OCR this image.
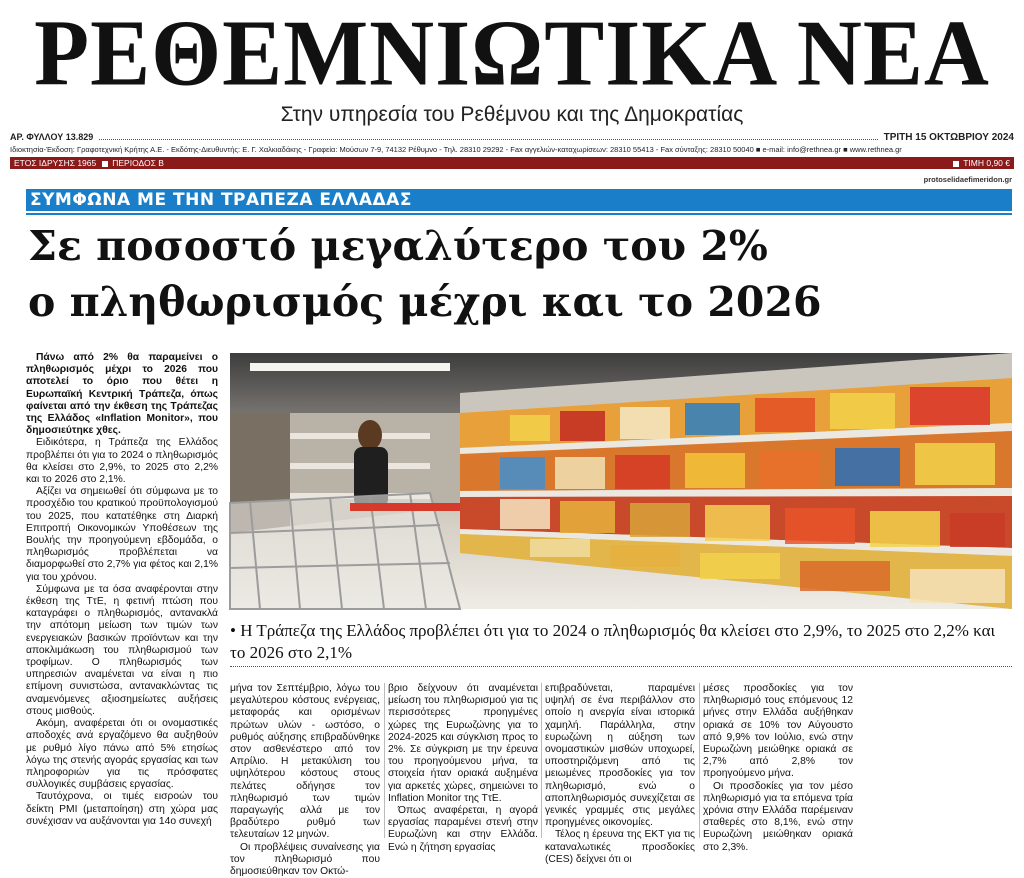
ΡΕΘΕΜΝΙΩΤΙΚΑ ΝΕΑ
Στην υπηρεσία του Ρεθέμνου και της Δημοκρατίας
ΑΡ. ΦΥΛΛΟΥ 13.829	ΤΡΙΤΗ 15 ΟΚΤΩΒΡΙΟΥ 2024
Ιδιοκτησία-Έκδοση: Γραφοτεχνική Κρήτης Α.Ε. - Εκδότης-Διευθυντής: Ε. Γ. Χαλκιαδάκης - Γραφεία: Μούσων 7-9, 74132 Ρέθυμνο - Τηλ. 28310 29292 - Fax αγγελιών-καταχωρίσεων: 28310 55413 - Fax σύνταξης: 28310 50040 ■ e-mail: info@rethnea.gr ■ www.rethnea.gr
ΕΤΟΣ ΙΔΡΥΣΗΣ 1965 ΠΕΡΙΟΔΟΣ Β	ΤΙΜΗ 0,90 €
protoselidaefimeridon.gr
ΣΥΜΦΩΝΑ ΜΕ ΤΗΝ ΤΡΑΠΕΖΑ ΕΛΛΑΔΑΣ
Σε ποσοστό μεγαλύτερο του 2%
ο πληθωρισμός μέχρι και το 2026
• Η Τράπεζα της Ελλάδος προβλέπει ότι για το 2024 ο πληθωρισμός θα κλείσει στο 2,9%, το 2025 στο 2,2% και το 2026 στο 2,1%

Πάνω από 2% θα παραμείνει ο πληθωρισμός μέχρι το 2026 που αποτελεί το όριο που θέτει η Ευρωπαϊκή Κεντρική Τράπεζα, όπως φαίνεται από την έκθεση της Τράπεζας της Ελλάδος «Inflation Monitor», που δημοσιεύτηκε χθες.

Ειδικότερα, η Τράπεζα της Ελλάδος προβλέπει ότι για το 2024 ο πληθωρισμός θα κλείσει στο 2,9%, το 2025 στο 2,2% και το 2026 στο 2,1%.

Αξίζει να σημειωθεί ότι σύμφωνα με το προσχέδιο του κρατικού προϋπολογισμού του 2025, που κατατέθηκε στη Διαρκή Επιτροπή Οικονομικών Υποθέσεων της Βουλής την προηγούμενη εβδομάδα, ο πληθωρισμός προβλέπεται να διαμορφωθεί στο 2,7% για φέτος και 2,1% για του χρόνου.

Σύμφωνα με τα όσα αναφέρονται στην έκθεση της ΤτΕ, η φετινή πτώση που καταγράφει ο πληθωρισμός, αντανακλά την απότομη μείωση των τιμών των ενεργειακών βασικών προϊόντων και την αποκλιμάκωση του πληθωρισμού των τροφίμων. Ο πληθωρισμός των υπηρεσιών αναμένεται να είναι η πιο επίμονη συνιστώσα, αντανακλώντας τις αναμενόμενες αξιοσημείωτες αυξήσεις στους μισθούς.

Ακόμη, αναφέρεται ότι οι ονομαστικές αποδοχές ανά εργαζόμενο θα αυξηθούν με ρυθμό λίγο πάνω από 5% ετησίως λόγω της στενής αγοράς εργασίας και των πληροφοριών για τις πρόσφατες συλλογικές συμβάσεις εργασίας.

Ταυτόχρονα, οι τιμές εισροών του δείκτη PMI (μεταποίηση) στη χώρα μας συνέχισαν να αυξάνονται για 14ο συνεχή

μήνα τον Σεπτέμβριο, λόγω του μεγαλύτερου κόστους ενέργειας, μεταφοράς και ορισμένων πρώτων υλών - ωστόσο, ο ρυθμός αύξησης επιβραδύνθηκε στον ασθενέστερο από τον Απρίλιο. Η μετακύλιση του υψηλότερου κόστους στους πελάτες οδήγησε τον πληθωρισμό των τιμών παραγωγής αλλά με τον βραδύτερο ρυθμό των τελευταίων 12 μηνών.

Οι προβλέψεις συναίνεσης για τον πληθωρισμό που δημοσιεύθηκαν τον Οκτώ-

βριο δείχνουν ότι αναμένεται μείωση του πληθωρισμού για τις περισσότερες προηγμένες χώρες της Ευρωζώνης για το 2024-2025 και σύγκλιση προς το 2%. Σε σύγκριση με την έρευνα του προηγούμενου μήνα, τα στοιχεία ήταν οριακά αυξημένα για αρκετές χώρες, σημειώνει το Inflation Monitor της ΤτΕ.

Όπως αναφέρεται, η αγορά εργασίας παραμένει στενή στην Ευρωζώνη και στην Ελλάδα. Ενώ η ζήτηση εργασίας

επιβραδύνεται, παραμένει υψηλή σε ένα περιβάλλον στο οποίο η ανεργία είναι ιστορικά χαμηλή. Παράλληλα, στην ευρωζώνη η αύξηση των ονομαστικών μισθών υποχωρεί, υποστηριζόμενη από τις μειωμένες προσδοκίες για τον πληθωρισμό, ενώ ο αποπληθωρισμός συνεχίζεται σε γενικές γραμμές στις μεγάλες προηγμένες οικονομίες.

Τέλος η έρευνα της ΕΚΤ για τις καταναλωτικές προσδοκίες (CES) δείχνει ότι οι

μέσες προσδοκίες για τον πληθωρισμό τους επόμενους 12 μήνες στην Ελλάδα αυξήθηκαν οριακά σε 10% τον Αύγουστο από 9,9% τον Ιούλιο, ενώ στην Ευρωζώνη μειώθηκε οριακά σε 2,7% από 2,8% τον προηγούμενο μήνα.

Οι προσδοκίες για τον μέσο πληθωρισμό για τα επόμενα τρία χρόνια στην Ελλάδα παρέμειναν σταθερές στο 8,1%, ενώ στην Ευρωζώνη μειώθηκαν οριακά στο 2,3%.
